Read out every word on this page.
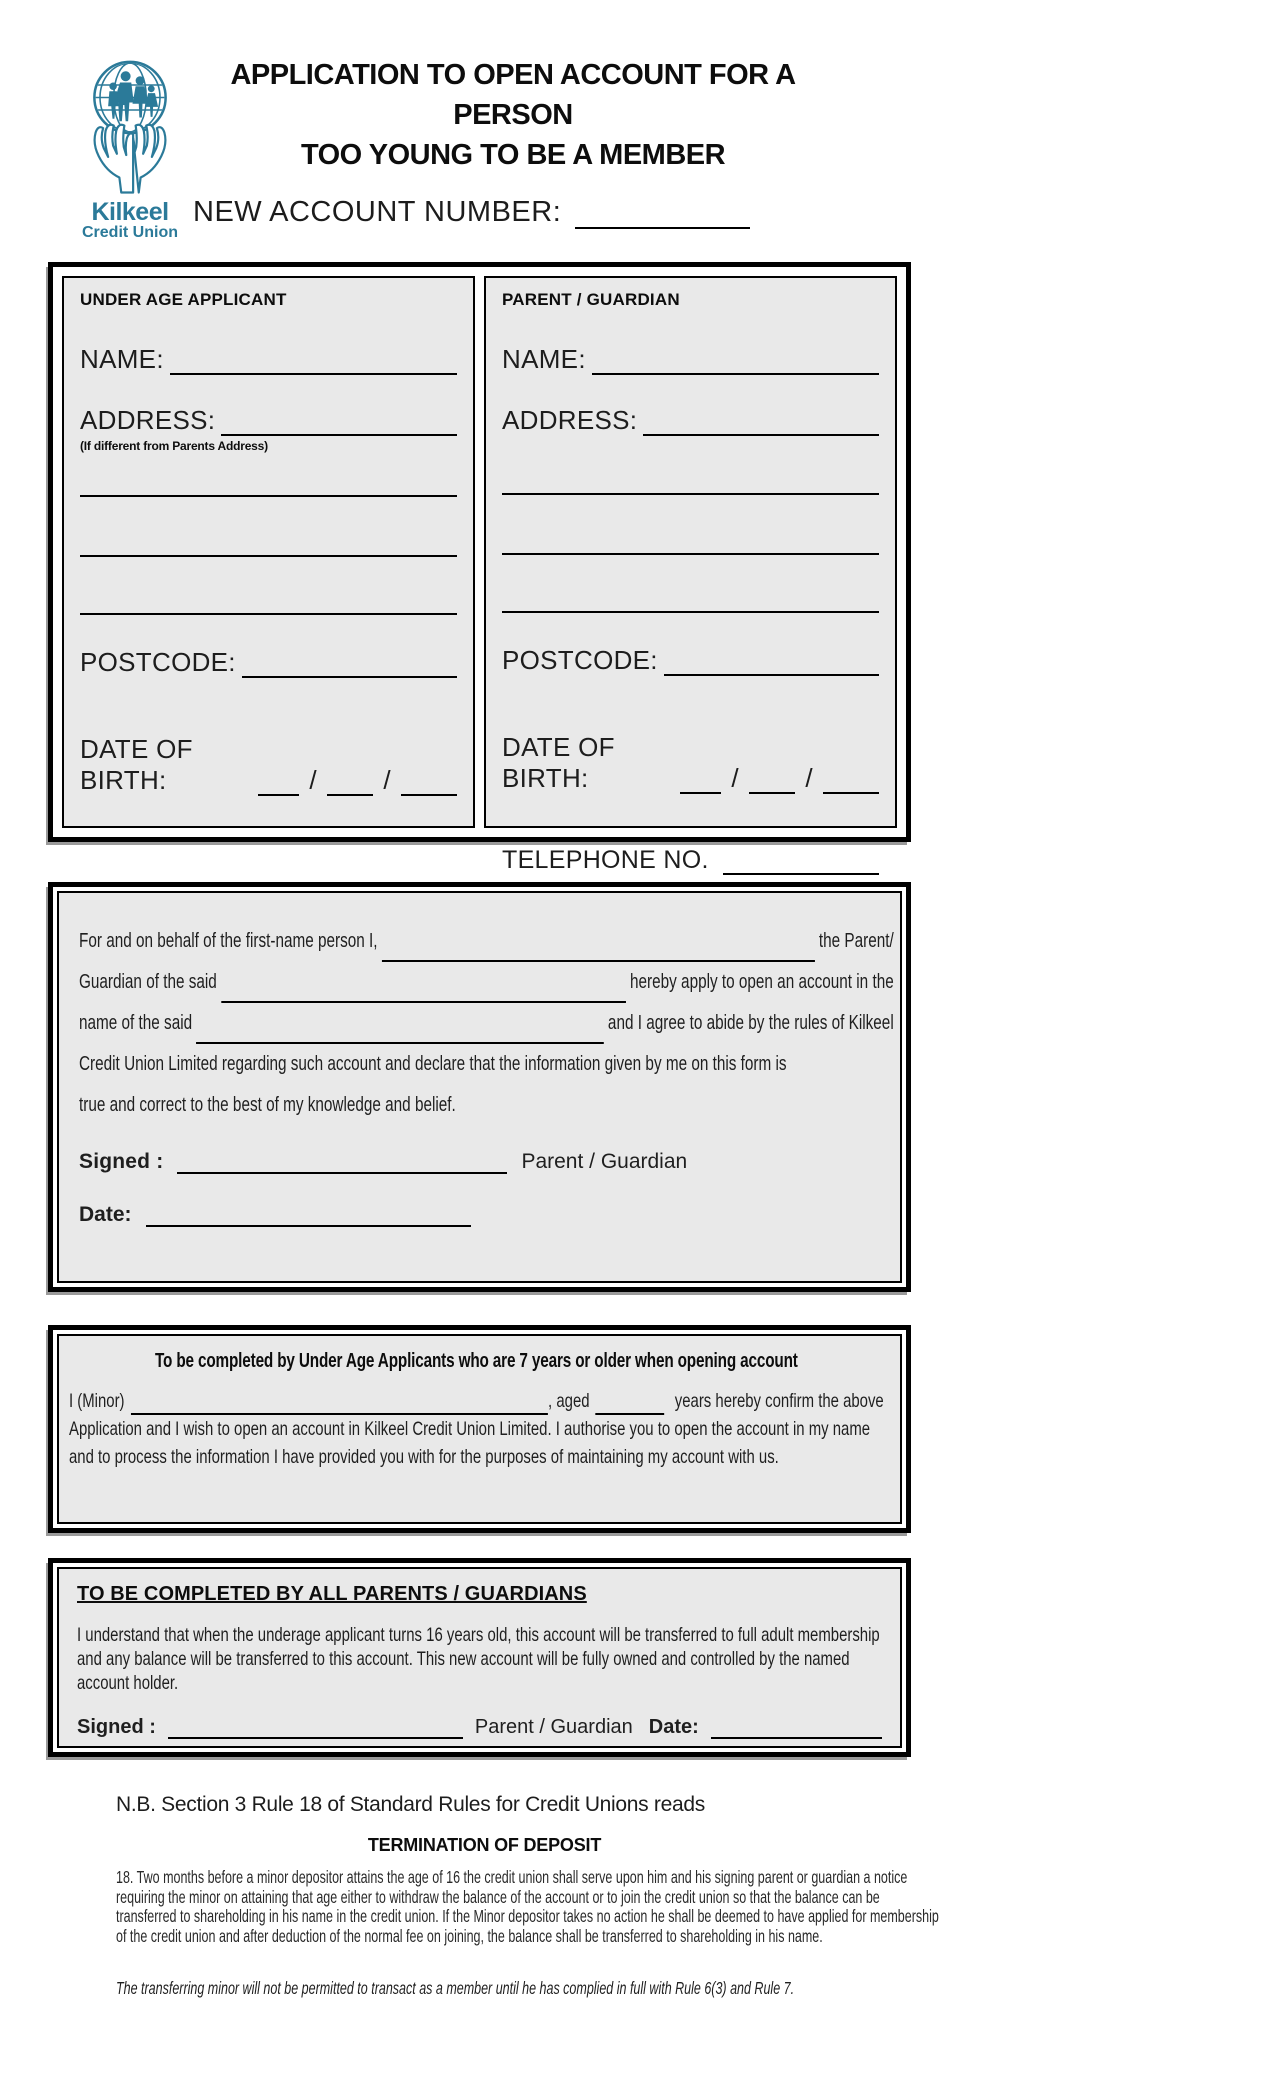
Kilkeel
Credit Union
APPLICATION TO OPEN ACCOUNT FOR A PERSON
TOO YOUNG TO BE A MEMBER
NEW ACCOUNT NUMBER:
UNDER AGE APPLICANT
NAME:
ADDRESS:
(If different from Parents Address)
POSTCODE:
DATE OF BIRTH:	/	/
PARENT / GUARDIAN
NAME:
ADDRESS:
POSTCODE:
DATE OF BIRTH:	/	/
TELEPHONE NO.
For and on behalf of the first-name person I,	the Parent/
Guardian of the said	hereby apply to open an account in the
name of the said	and I agree to abide by the rules of Kilkeel
Credit Union Limited regarding such account and declare that the information given by me on this form is
true and correct to the best of my knowledge and belief.
Signed :	Parent / Guardian
Date:
To be completed by Under Age Applicants who are 7 years or older when opening account
I (Minor)	, aged	years hereby confirm the above
Application and I wish to open an account in Kilkeel Credit Union Limited. I authorise you to open the account in my name and to process the information I have provided you with for the purposes of maintaining my account with us.
TO BE COMPLETED BY ALL PARENTS / GUARDIANS
I understand that when the underage applicant turns 16 years old, this account will be transferred to full adult membership and any balance will be transferred to this account. This new account will be fully owned and controlled by the named account holder.
Signed :	Parent / Guardian Date:
N.B. Section 3 Rule 18 of Standard Rules for Credit Unions reads
TERMINATION OF DEPOSIT
18. Two months before a minor depositor attains the age of 16 the credit union shall serve upon him and his signing parent or guardian a notice requiring the minor on attaining that age either to withdraw the balance of the account or to join the credit union so that the balance can be transferred to shareholding in his name in the credit union. If the Minor depositor takes no action he shall be deemed to have applied for membership of the credit union and after deduction of the normal fee on joining, the balance shall be transferred to shareholding in his name.
The transferring minor will not be permitted to transact as a member until he has complied in full with Rule 6(3) and Rule 7.
